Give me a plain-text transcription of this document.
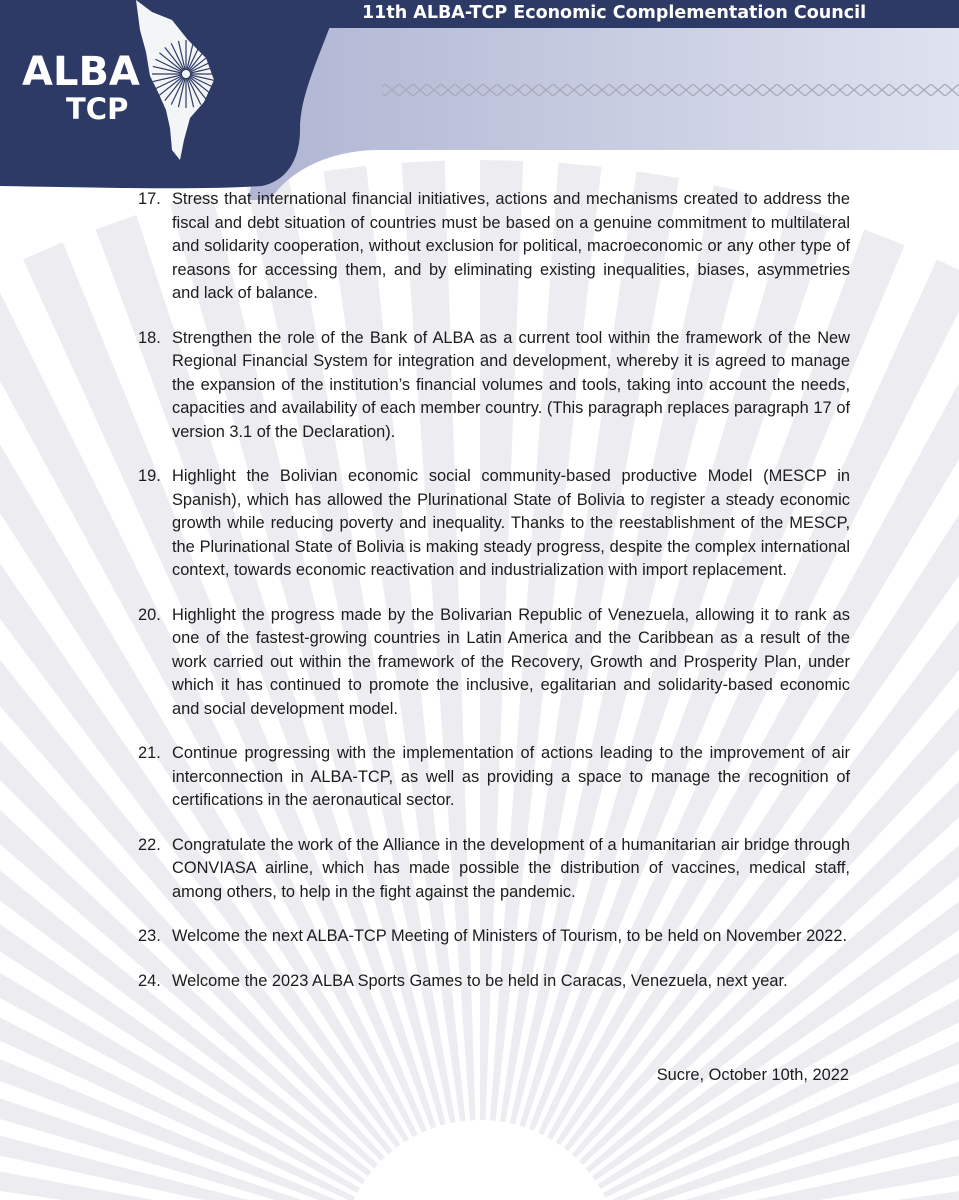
ALBA
TCP
11th ALBA-TCP Economic Complementation Council
17. Stress that international financial initiatives, actions and mechanisms created to address the fiscal and debt situation of countries must be based on a genuine commitment to multilateral and solidarity cooperation, without exclusion for political, macroeconomic or any other type of reasons for accessing them, and by eliminating existing inequalities, biases, asymmetries and lack of balance.
18. Strengthen the role of the Bank of ALBA as a current tool within the framework of the New Regional Financial System for integration and development, whereby it is agreed to manage the expansion of the institution’s financial volumes and tools, taking into account the needs, capacities and availability of each member country. (This paragraph replaces paragraph 17 of version 3.1 of the Declaration).
19. Highlight the Bolivian economic social community-based productive Model (MESCP in Spanish), which has allowed the Plurinational State of Bolivia to register a steady economic growth while reducing poverty and inequality. Thanks to the reestablishment of the MESCP, the Plurinational State of Bolivia is making steady progress, despite the complex international context, towards economic reactivation and industrialization with import replacement.
20. Highlight the progress made by the Bolivarian Republic of Venezuela, allowing it to rank as one of the fastest-growing countries in Latin America and the Caribbean as a result of the work carried out within the framework of the Recovery, Growth and Prosperity Plan, under which it has continued to promote the inclusive, egalitarian and solidarity-based economic and social development model.
21. Continue progressing with the implementation of actions leading to the improvement of air interconnection in ALBA-TCP, as well as providing a space to manage the recognition of certifications in the aeronautical sector.
22. Congratulate the work of the Alliance in the development of a humanitarian air bridge through CONVIASA airline, which has made possible the distribution of vaccines, medical staff, among others, to help in the fight against the pandemic.
23. Welcome the next ALBA-TCP Meeting of Ministers of Tourism, to be held on November 2022.
24. Welcome the 2023 ALBA Sports Games to be held in Caracas, Venezuela, next year.
Sucre, October 10th, 2022
